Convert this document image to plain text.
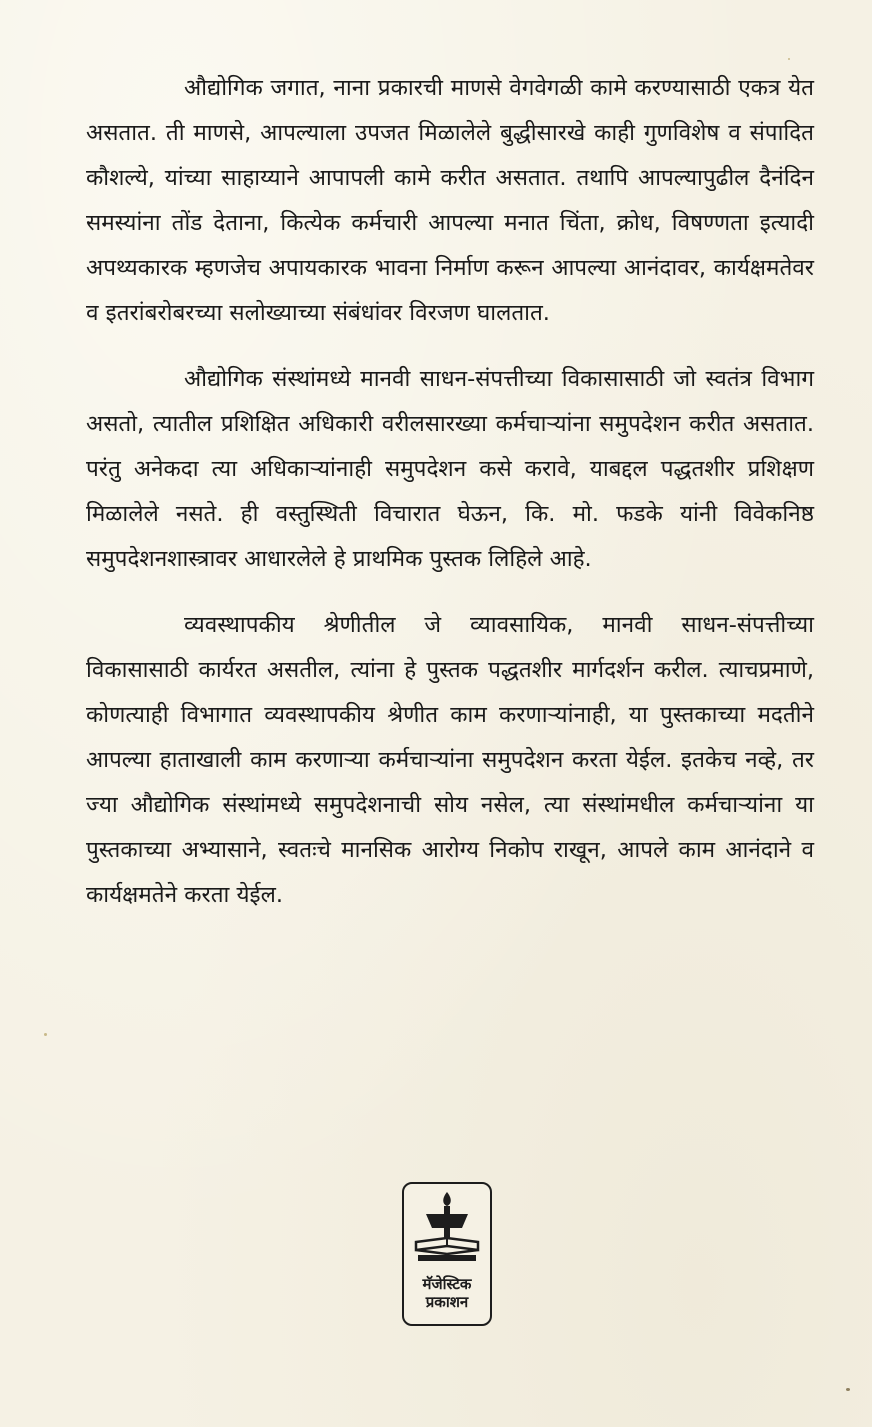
औद्योगिक जगात, नाना प्रकारची माणसे वेगवेगळी कामे करण्यासाठी एकत्र येत असतात. ती माणसे, आपल्याला उपजत मिळालेले बुद्धीसारखे काही गुणविशेष व संपादित कौशल्ये, यांच्या साहाय्याने आपापली कामे करीत असतात. तथापि आपल्यापुढील दैनंदिन समस्यांना तोंड देताना, कित्येक कर्मचारी आपल्या मनात चिंता, क्रोध, विषण्णता इत्यादी अपथ्यकारक म्हणजेच अपायकारक भावना निर्माण करून आपल्या आनंदावर, कार्यक्षमतेवर व इतरांबरोबरच्या सलोख्याच्या संबंधांवर विरजण घालतात.

औद्योगिक संस्थांमध्ये मानवी साधन-संपत्तीच्या विकासासाठी जो स्वतंत्र विभाग असतो, त्यातील प्रशिक्षित अधिकारी वरीलसारख्या कर्मचाऱ्यांना समुपदेशन करीत असतात. परंतु अनेकदा त्या अधिकाऱ्यांनाही समुपदेशन कसे करावे, याबद्दल पद्धतशीर प्रशिक्षण मिळालेले नसते. ही वस्तुस्थिती विचारात घेऊन, कि. मो. फडके यांनी विवेकनिष्ठ समुपदेशनशास्त्रावर आधारलेले हे प्राथमिक पुस्तक लिहिले आहे.

व्यवस्थापकीय श्रेणीतील जे व्यावसायिक, मानवी साधन-संपत्तीच्या विकासासाठी कार्यरत असतील, त्यांना हे पुस्तक पद्धतशीर मार्गदर्शन करील. त्याचप्रमाणे, कोणत्याही विभागात व्यवस्थापकीय श्रेणीत काम करणाऱ्यांनाही, या पुस्तकाच्या मदतीने आपल्या हाताखाली काम करणाऱ्या कर्मचाऱ्यांना समुपदेशन करता येईल. इतकेच नव्हे, तर ज्या औद्योगिक संस्थांमध्ये समुपदेशनाची सोय नसेल, त्या संस्थांमधील कर्मचाऱ्यांना या पुस्तकाच्या अभ्यासाने, स्वतःचे मानसिक आरोग्य निकोप राखून, आपले काम आनंदाने व कार्यक्षमतेने करता येईल.

मॅजेस्टिक
प्रकाशन
